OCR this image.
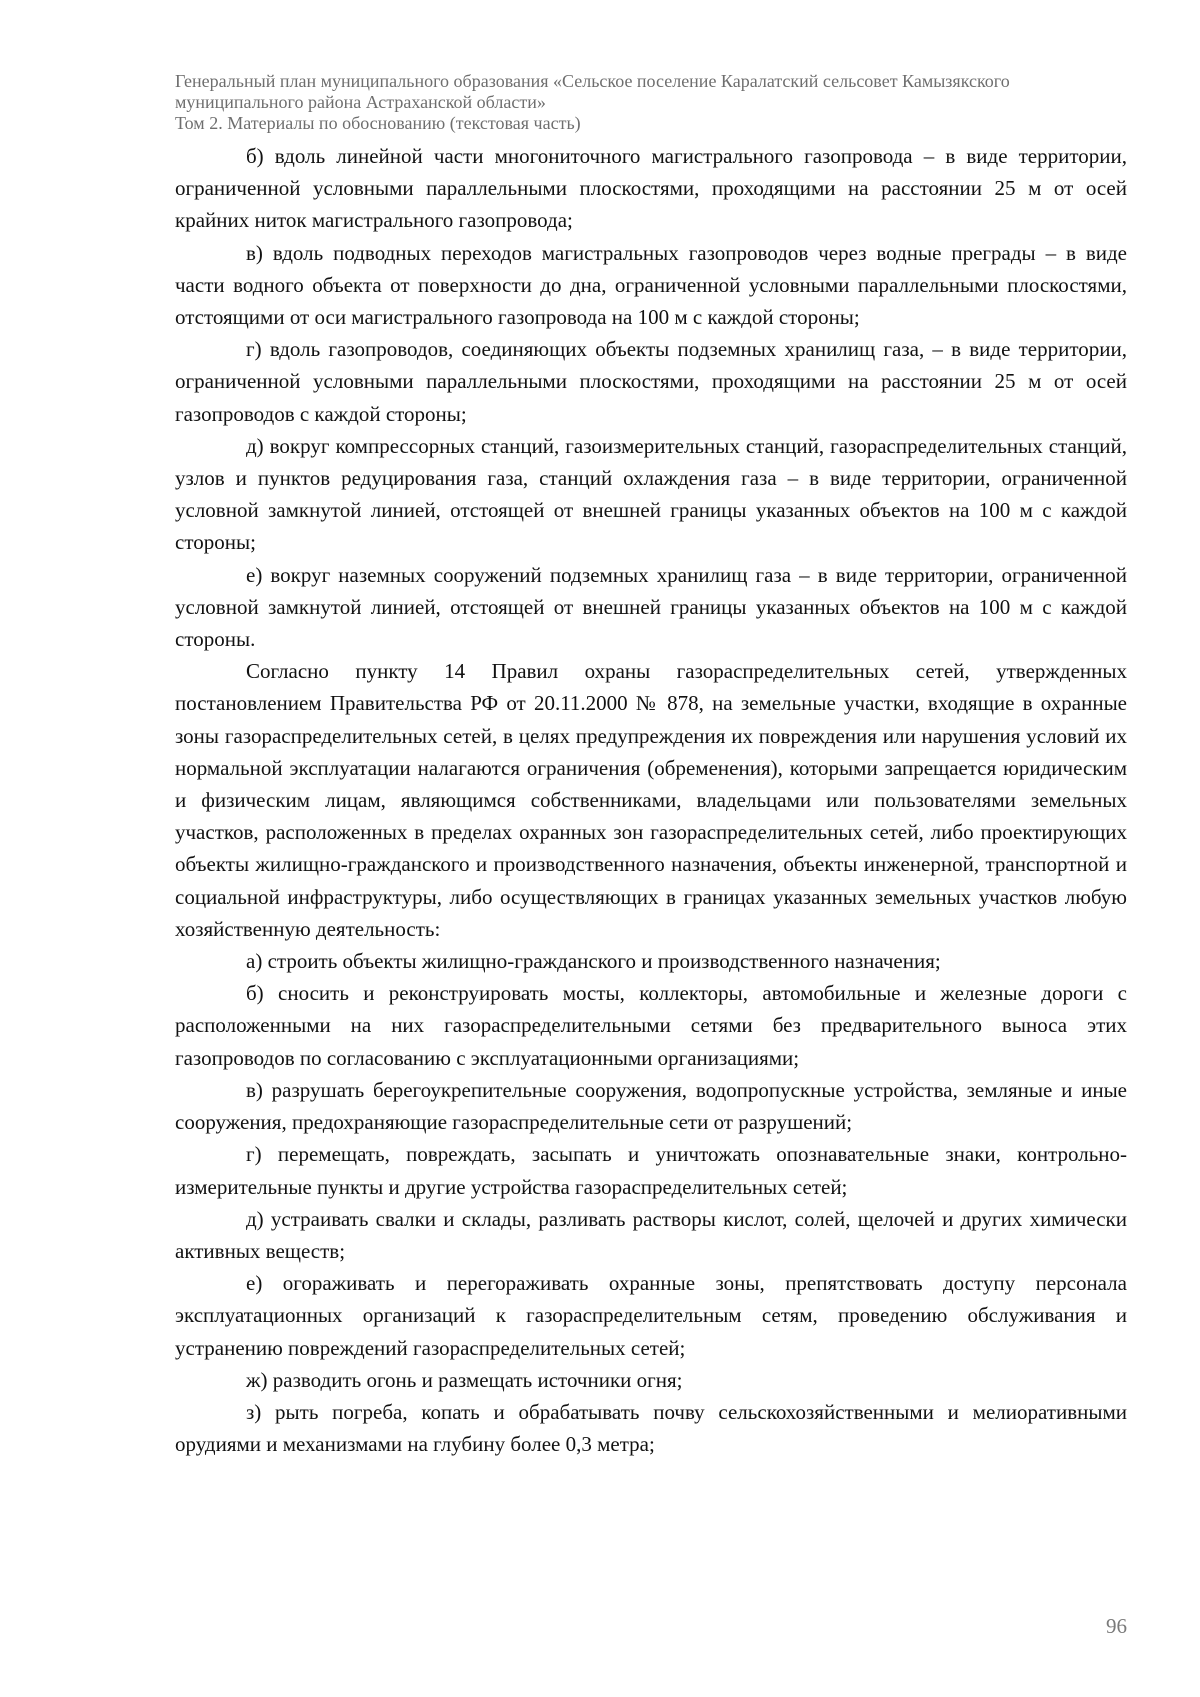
Генеральный план муниципального образования «Сельское поселение Каралатский сельсовет Камызякского
муниципального района Астраханской области»
Том 2. Материалы по обоснованию (текстовая часть)

б) вдоль линейной части многониточного магистрального газопровода – в виде территории, ограниченной условными параллельными плоскостями, проходящими на расстоянии 25 м от осей крайних ниток магистрального газопровода;

в) вдоль подводных переходов магистральных газопроводов через водные преграды – в виде части водного объекта от поверхности до дна, ограниченной условными параллельными плоскостями, отстоящими от оси магистрального газопровода на 100 м с каждой стороны;

г) вдоль газопроводов, соединяющих объекты подземных хранилищ газа, – в виде территории, ограниченной условными параллельными плоскостями, проходящими на расстоянии 25 м от осей газопроводов с каждой стороны;

д) вокруг компрессорных станций, газоизмерительных станций, газораспределительных станций, узлов и пунктов редуцирования газа, станций охлаждения газа – в виде территории, ограниченной условной замкнутой линией, отстоящей от внешней границы указанных объектов на 100 м с каждой стороны;

е) вокруг наземных сооружений подземных хранилищ газа – в виде территории, ограниченной условной замкнутой линией, отстоящей от внешней границы указанных объектов на 100 м с каждой стороны.

Согласно пункту 14 Правил охраны газораспределительных сетей, утвержденных постановлением Правительства РФ от 20.11.2000 № 878, на земельные участки, входящие в охранные зоны газораспределительных сетей, в целях предупреждения их повреждения или нарушения условий их нормальной эксплуатации налагаются ограничения (обременения), которыми запрещается юридическим и физическим лицам, являющимся собственниками, владельцами или пользователями земельных участков, расположенных в пределах охранных зон газораспределительных сетей, либо проектирующих объекты жилищно-гражданского и производственного назначения, объекты инженерной, транспортной и социальной инфраструктуры, либо осуществляющих в границах указанных земельных участков любую хозяйственную деятельность:

а) строить объекты жилищно-гражданского и производственного назначения;

б) сносить и реконструировать мосты, коллекторы, автомобильные и железные дороги с расположенными на них газораспределительными сетями без предварительного выноса этих газопроводов по согласованию с эксплуатационными организациями;

в) разрушать берегоукрепительные сооружения, водопропускные устройства, земляные и иные сооружения, предохраняющие газораспределительные сети от разрушений;

г) перемещать, повреждать, засыпать и уничтожать опознавательные знаки, контрольно-измерительные пункты и другие устройства газораспределительных сетей;

д) устраивать свалки и склады, разливать растворы кислот, солей, щелочей и других химически активных веществ;

е) огораживать и перегораживать охранные зоны, препятствовать доступу персонала эксплуатационных организаций к газораспределительным сетям, проведению обслуживания и устранению повреждений газораспределительных сетей;

ж) разводить огонь и размещать источники огня;

з) рыть погреба, копать и обрабатывать почву сельскохозяйственными и мелиоративными орудиями и механизмами на глубину более 0,3 метра;

96
